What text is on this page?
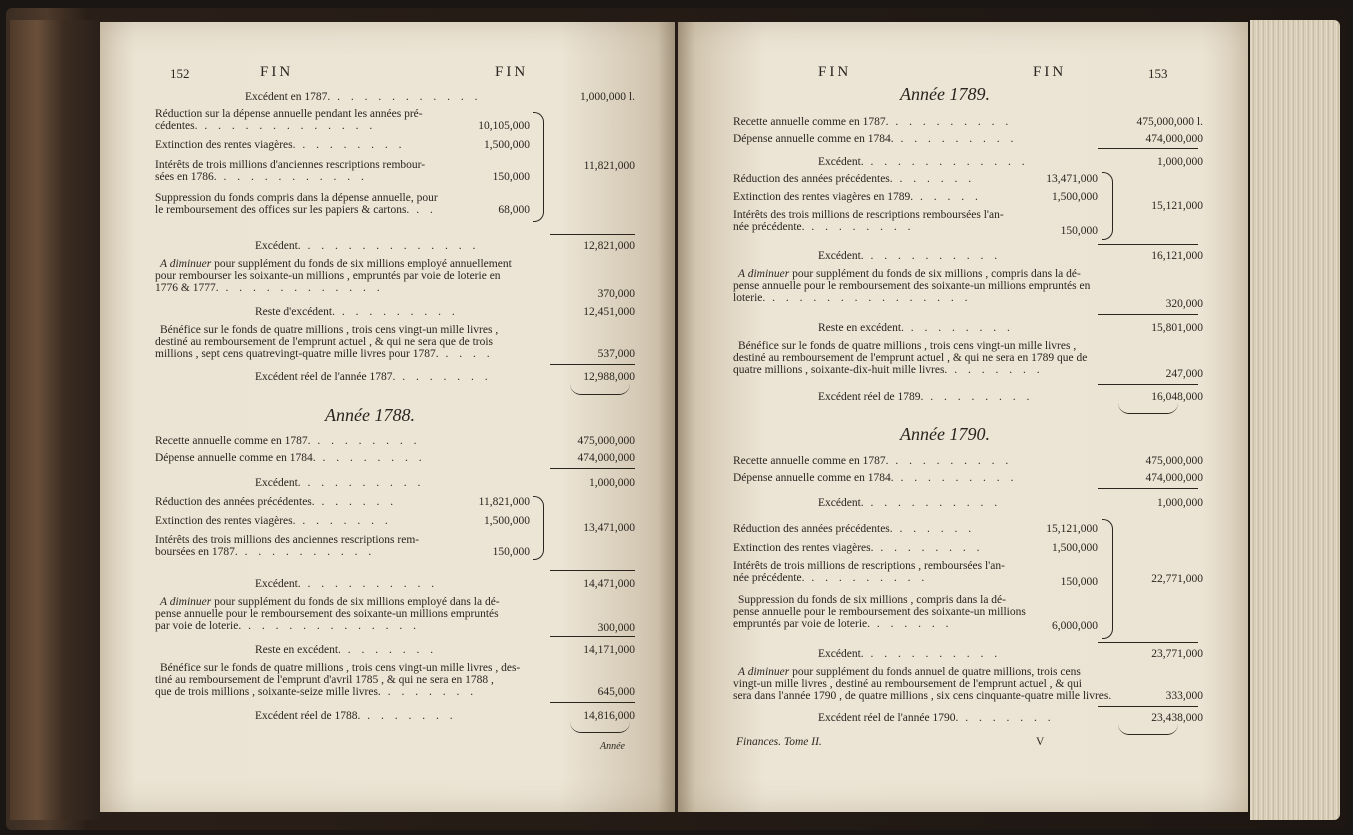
152	FIN	FIN
Excédent en 1787. . . . . . . . . . . .	1,000,000 l.
Réduction sur la dépense annuelle pendant les années pré-
cédentes. . . . . . . . . . . . . .	10,105,000
Extinction des rentes viagères. . . . . . . . .	1,500,000
Intérêts de trois millions d'anciennes rescriptions rembour-
sées en 1786. . . . . . . . . . . .	150,000
Suppression du fonds compris dans la dépense annuelle, pour
le remboursement des offices sur les papiers & cartons. . .	68,000
11,821,000
Excédent. . . . . . . . . . . . . .	12,821,000
A diminuer pour supplément du fonds de six millions employé annuellement
pour rembourser les soixante-un millions , empruntés par voie de loterie en
1776 & 1777. . . . . . . . . . . . .	370,000
Reste d'excédent. . . . . . . . . .	12,451,000
Bénéfice sur le fonds de quatre millions , trois cens vingt-un mille livres ,
destiné au remboursement de l'emprunt actuel , & qui ne sera que de trois
millions , sept cens quatrevingt-quatre mille livres pour 1787. . . . .	537,000
Excédent réel de l'année 1787. . . . . . . .	12,988,000
Année 1788.
Recette annuelle comme en 1787. . . . . . . . .	475,000,000
Dépense annuelle comme en 1784. . . . . . . . .	474,000,000
Excédent. . . . . . . . . .	1,000,000
Réduction des années précédentes. . . . . . .	11,821,000
Extinction des rentes viagères. . . . . . . .	1,500,000
Intérêts des trois millions des anciennes rescriptions rem-
boursées en 1787. . . . . . . . . . .	150,000
13,471,000
Excédent. . . . . . . . . . .	14,471,000
A diminuer pour supplément du fonds de six millions employé dans la dé-
pense annuelle pour le remboursement des soixante-un millions empruntés
par voie de loterie. . . . . . . . . . . . . .	300,000
Reste en excédent. . . . . . . .	14,171,000
Bénéfice sur le fonds de quatre millions , trois cens vingt-un mille livres , des-
tiné au remboursement de l'emprunt d'avril 1785 , & qui ne sera en 1788 ,
que de trois millions , soixante-seize mille livres. . . . . . . .	645,000
Excédent réel de 1788. . . . . . . .	14,816,000
Année
FIN	FIN	153
Année 1789.
Recette annuelle comme en 1787. . . . . . . . . .	475,000,000 l.
Dépense annuelle comme en 1784. . . . . . . . . .	474,000,000
Excédent. . . . . . . . . . . . .	1,000,000
Réduction des années précédentes. . . . . . .	13,471,000
Extinction des rentes viagères en 1789. . . . . .	1,500,000
Intérêts des trois millions de rescriptions remboursées l'an-
née précédente. . . . . . . . .	150,000
15,121,000
Excédent. . . . . . . . . . .	16,121,000
A diminuer pour supplément du fonds de six millions , compris dans la dé-
pense annuelle pour le remboursement des soixante-un millions empruntés en
loterie. . . . . . . . . . . . . . . .	320,000
Reste en excédent. . . . . . . . .	15,801,000
Bénéfice sur le fonds de quatre millions , trois cens vingt-un mille livres ,
destiné au remboursement de l'emprunt actuel , & qui ne sera en 1789 que de
quatre millions , soixante-dix-huit mille livres. . . . . . . .	247,000
Excédent réel de 1789. . . . . . . . .	16,048,000
Année 1790.
Recette annuelle comme en 1787. . . . . . . . . .	475,000,000
Dépense annuelle comme en 1784. . . . . . . . . .	474,000,000
Excédent. . . . . . . . . . .	1,000,000
Réduction des années précédentes. . . . . . .	15,121,000
Extinction des rentes viagères. . . . . . . . .	1,500,000
Intérêts de trois millions de rescriptions , remboursées l'an-
née précédente. . . . . . . . . .	150,000
Suppression du fonds de six millions , compris dans la dé-
pense annuelle pour le remboursement des soixante-un millions
empruntés par voie de loterie. . . . . . .	6,000,000
22,771,000
Excédent. . . . . . . . . . .	23,771,000
A diminuer pour supplément du fonds annuel de quatre millions, trois cens
vingt-un mille livres , destiné au remboursement de l'emprunt actuel , & qui
sera dans l'année 1790 , de quatre millions , six cens cinquante-quatre mille livres.	333,000
Excédent réel de l'année 1790. . . . . . . .	23,438,000
Finances. Tome II.	V
